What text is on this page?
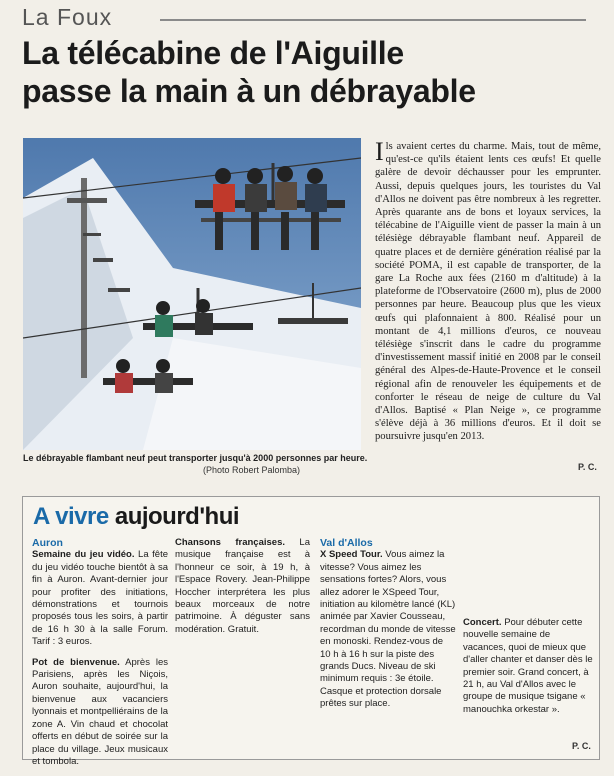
La Foux
La télécabine de l'Aiguille
passe la main à un débrayable
Le débrayable flambant neuf peut transporter jusqu'à 2000 personnes par heure.
(Photo Robert Palomba)

Ils avaient certes du charme. Mais, tout de même, qu'est-ce qu'ils étaient lents ces œufs! Et quelle galère de devoir déchausser pour les emprunter. Aussi, depuis quelques jours, les touristes du Val d'Allos ne doivent pas être nombreux à les regretter. Après quarante ans de bons et loyaux services, la télécabine de l'Aiguille vient de passer la main à un télésiège débrayable flambant neuf. Appareil de quatre places et de dernière génération réalisé par la société POMA, il est capable de transporter, de la gare La Roche aux fées (2160 m d'altitude) à la plateforme de l'Observatoire (2600 m), plus de 2000 personnes par heure. Beaucoup plus que les vieux œufs qui plafonnaient à 800. Réalisé pour un montant de 4,1 millions d'euros, ce nouveau télésiège s'inscrit dans le cadre du programme d'investissement massif initié en 2008 par le conseil général des Alpes-de-Haute-Provence et le conseil régional afin de renouveler les équipements et de conforter le réseau de neige de culture du Val d'Allos. Baptisé « Plan Neige », ce programme s'élève déjà à 36 millions d'euros. Et il doit se poursuivre jusqu'en 2013.

P. C.
A vivre aujourd'hui
Auron

Semaine du jeu vidéo. La fête du jeu vidéo touche bientôt à sa fin à Auron. Avant-dernier jour pour profiter des initiations, démonstrations et tournois proposés tous les soirs, à partir de 16 h 30 à la salle Forum. Tarif : 3 euros.

Pot de bienvenue. Après les Parisiens, après les Niçois, Auron souhaite, aujourd'hui, la bienvenue aux vacanciers lyonnais et montpelliérains de la zone A. Vin chaud et chocolat offerts en début de soirée sur la place du village. Jeux musicaux et tombola.

Chansons françaises. La musique française est à l'honneur ce soir, à 19 h, à l'Espace Rovery. Jean-Philippe Hoccher interprétera les plus beaux morceaux de notre patrimoine. À déguster sans modération. Gratuit.

Val d'Allos

X Speed Tour. Vous aimez la vitesse? Vous aimez les sensations fortes? Alors, vous allez adorer le XSpeed Tour, initiation au kilomètre lancé (KL) animée par Xavier Cousseau, recordman du monde de vitesse en monoski. Rendez-vous de 10 h à 16 h sur la piste des grands Ducs. Niveau de ski minimum requis : 3e étoile. Casque et protection dorsale prêtes sur place.

Concert. Pour débuter cette nouvelle semaine de vacances, quoi de mieux que d'aller chanter et danser dès le premier soir. Grand concert, à 21 h, au Val d'Allos avec le groupe de musique tsigane « manouchka orkestar ».

P. C.
